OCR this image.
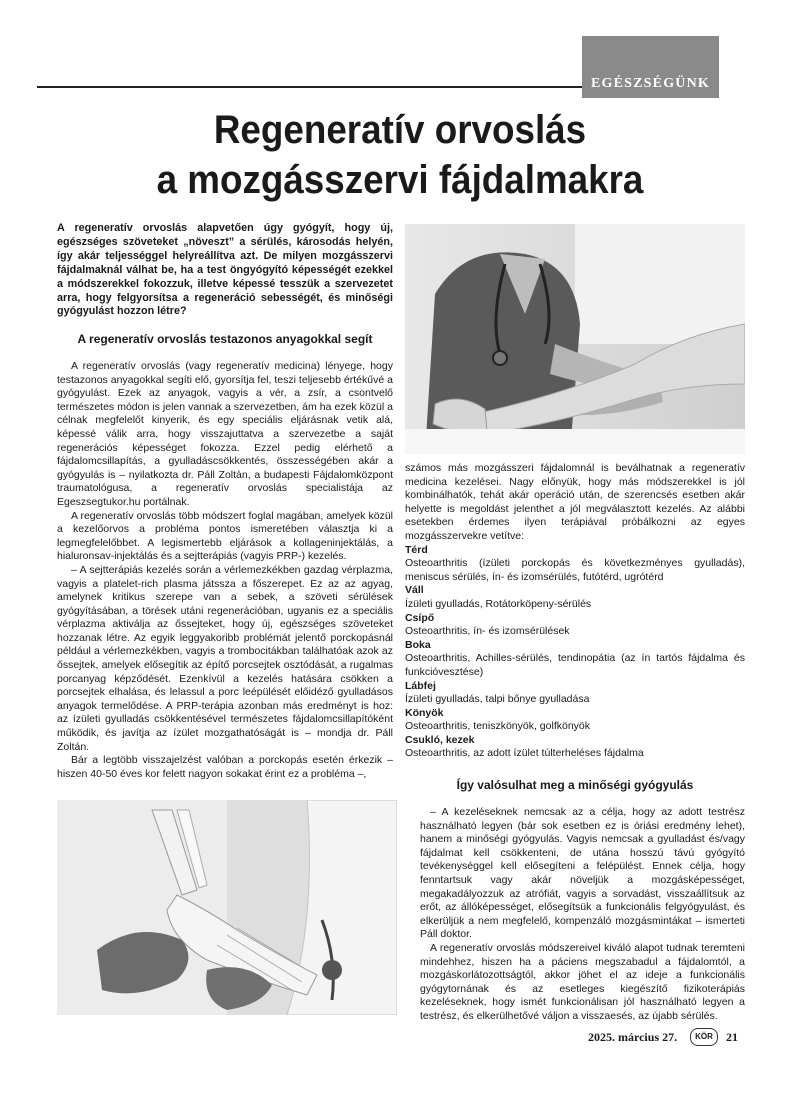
EGÉSZSÉGÜNK
Regeneratív orvoslás
a mozgásszervi fájdalmakra

A regeneratív orvoslás alapvetően úgy gyógyít, hogy új, egészséges szöveteket „növeszt” a sérülés, károsodás helyén, így akár teljességgel helyreállítva azt. De milyen mozgásszervi fájdalmaknál válhat be, ha a test öngyógyító képességét ezekkel a módszerekkel fokozzuk, illetve képessé tesszük a szervezetet arra, hogy felgyorsítsa a regeneráció sebességét, és minőségi gyógyulást hozzon létre?

A regeneratív orvoslás testazonos anyagokkal segít

A regeneratív orvoslás (vagy regeneratív medicina) lényege, hogy testazonos anyagokkal segíti elő, gyorsítja fel, teszi teljesebb értékűvé a gyógyulást. Ezek az anyagok, vagyis a vér, a zsír, a csontvelő természetes módon is jelen vannak a szervezetben, ám ha ezek közül a célnak megfelelőt kinyerik, és egy speciális eljárásnak vetik alá, képessé válik arra, hogy visszajuttatva a szervezetbe a saját regenerációs képességet fokozza. Ezzel pedig elérhető a fájdalomcsillapítás, a gyulladáscsökkentés, összességében akár a gyógyulás is – nyilatkozta dr. Páll Zoltán, a budapesti Fájdalomközpont traumatológusa, a regeneratív orvoslás specialistája az Egeszsegtukor.hu portálnak.

A regeneratív orvoslás több módszert foglal magában, amelyek közül a kezelőorvos a probléma pontos ismeretében választja ki a legmegfelelőbbet. A legismertebb eljárások a kollageninjektálás, a hialuronsav-injektálás és a sejtterápiás (vagyis PRP-) kezelés.

– A sejtterápiás kezelés során a vérlemezkékben gazdag vérplazma, vagyis a platelet-rich plasma játssza a főszerepet. Ez az az agyag, amelynek kritikus szerepe van a sebek, a szöveti sérülések gyógyításában, a törések utáni regenerációban, ugyanis ez a speciális vérplazma aktiválja az őssejteket, hogy új, egészséges szöveteket hozzanak létre. Az egyik leggyakoribb problémát jelentő porckopásnál például a vérlemezkékben, vagyis a trombocitákban találhatóak azok az őssejtek, amelyek elősegítik az építő porcsejtek osztódását, a rugalmas porcanyag képződését. Ezenkívül a kezelés hatására csökken a porcsejtek elhalása, és lelassul a porc leépülését előidéző gyulladásos anyagok termelődése. A PRP-terápia azonban más eredményt is hoz: az ízületi gyulladás csökkentésével természetes fájdalomcsillapítóként működik, és javítja az ízület mozgathatóságát is – mondja dr. Páll Zoltán.

Bár a legtöbb visszajelzést valóban a porckopás esetén érkezik – hiszen 40-50 éves kor felett nagyon sokakat érint ez a probléma –,

számos más mozgásszeri fájdalomnál is beválhatnak a regeneratív medicina kezelései. Nagy előnyük, hogy más módszerekkel is jól kombinálhatók, tehát akár operáció után, de szerencsés esetben akár helyette is megoldást jelenthet a jól megválasztott kezelés. Az alábbi esetekben érdemes ilyen terápiával próbálkozni az egyes mozgásszervekre vetítve:

Térd

Osteoarthritis (ízületi porckopás és következményes gyulladás), meniscus sérülés, ín- és izomsérülés, futótérd, ugrótérd

Váll

Ízületi gyulladás, Rotátorköpeny-sérülés

Csípő

Osteoarthritis, ín- és izomsérülések

Boka

Osteoarthritis, Achilles-sérülés, tendinopátia (az ín tartós fájdalma és funkcióvesztése)

Lábfej

Ízületi gyulladás, talpi bőnye gyulladása

Könyök

Osteoarthritis, teniszkönyök, golfkönyök

Csukló, kezek

Osteoarthritis, az adott ízület túlterheléses fájdalma

Így valósulhat meg a minőségi gyógyulás

– A kezeléseknek nemcsak az a célja, hogy az adott testrész használható legyen (bár sok esetben ez is óriási eredmény lehet), hanem a minőségi gyógyulás. Vagyis nemcsak a gyulladást és/vagy fájdalmat kell csökkenteni, de utána hosszú távú gyógyító tevékenységgel kell elősegíteni a felépülést. Ennek célja, hogy fenntartsuk vagy akár növeljük a mozgásképességet, megakadályozzuk az atrófiát, vagyis a sorvadást, visszaállítsuk az erőt, az állóképességet, elősegítsük a funkcionális felgyógyulást, és elkerüljük a nem megfelelő, kompenzáló mozgásmintákat – ismerteti Páll doktor.

A regeneratív orvoslás módszereivel kiváló alapot tudnak teremteni mindehhez, hiszen ha a páciens megszabadul a fájdalomtól, a mozgáskorlátozottságtól, akkor jöhet el az ideje a funkcionális gyógytornának és az esetleges kiegészítő fizikoterápiás kezeléseknek, hogy ismét funkcionálisan jól használható legyen a testrész, és elkerülhetővé váljon a visszaesés, az újabb sérülés.

2025. március 27.	KÖR	21
